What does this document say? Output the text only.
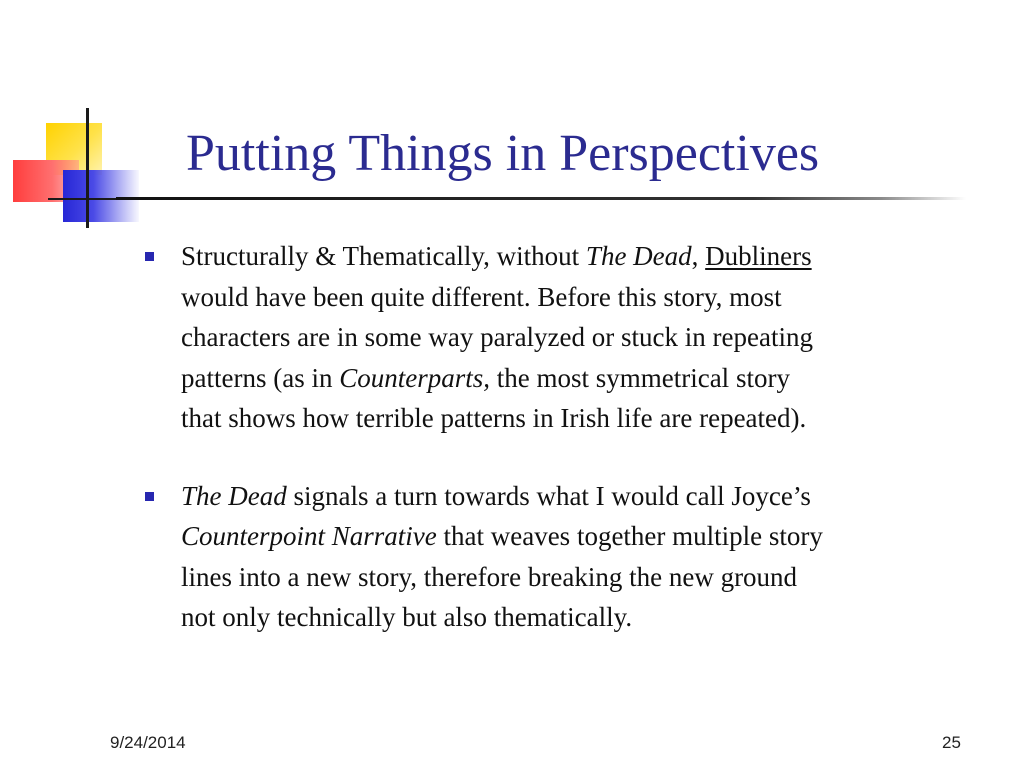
Putting Things in Perspectives
Structurally & Thematically, without The Dead, Dubliners
would have been quite different. Before this story, most
characters are in some way paralyzed or stuck in repeating
patterns (as in Counterparts, the most symmetrical story
that shows how terrible patterns in Irish life are repeated).
The Dead signals a turn towards what I would call Joyce’s
Counterpoint Narrative that weaves together multiple story
lines into a new story, therefore breaking the new ground
not only technically but also thematically.
9/24/2014	25
